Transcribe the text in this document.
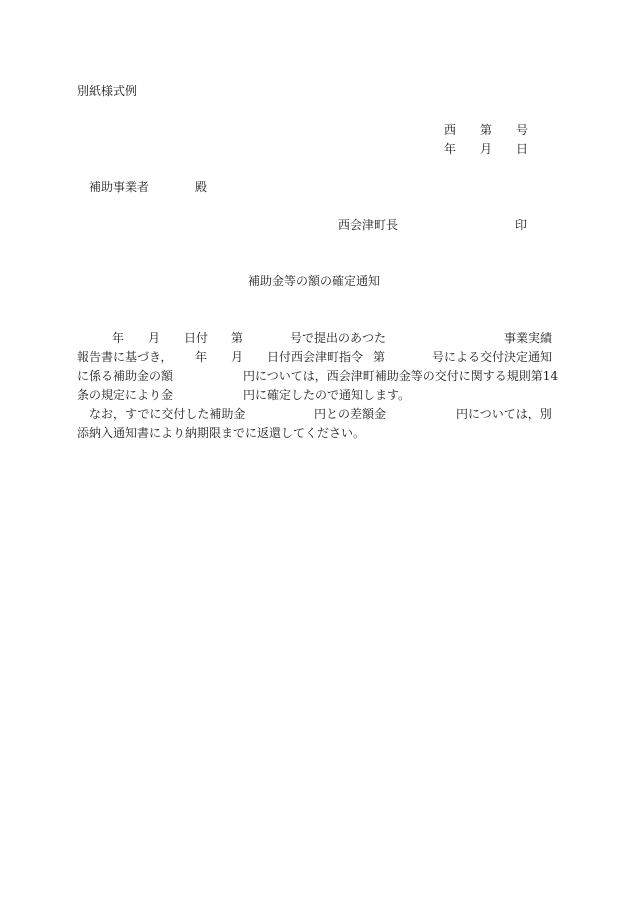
別紙様式例
西 第 号
年 月 日
補助事業者	殿
西会津町長	印
補助金等の額の確定通知
年 月 日付 第	号で提出のあつた	事業実績
報告書に基づき， 年 月 日付西会津町指令 第	号による交付決定通知
に係る補助金の額	円については，西会津町補助金等の交付に関する規則第14
条の規定により金	円に確定したので通知します。
なお，すでに交付した補助金	円との差額金	円については，別
添納入通知書により納期限までに返還してください。
